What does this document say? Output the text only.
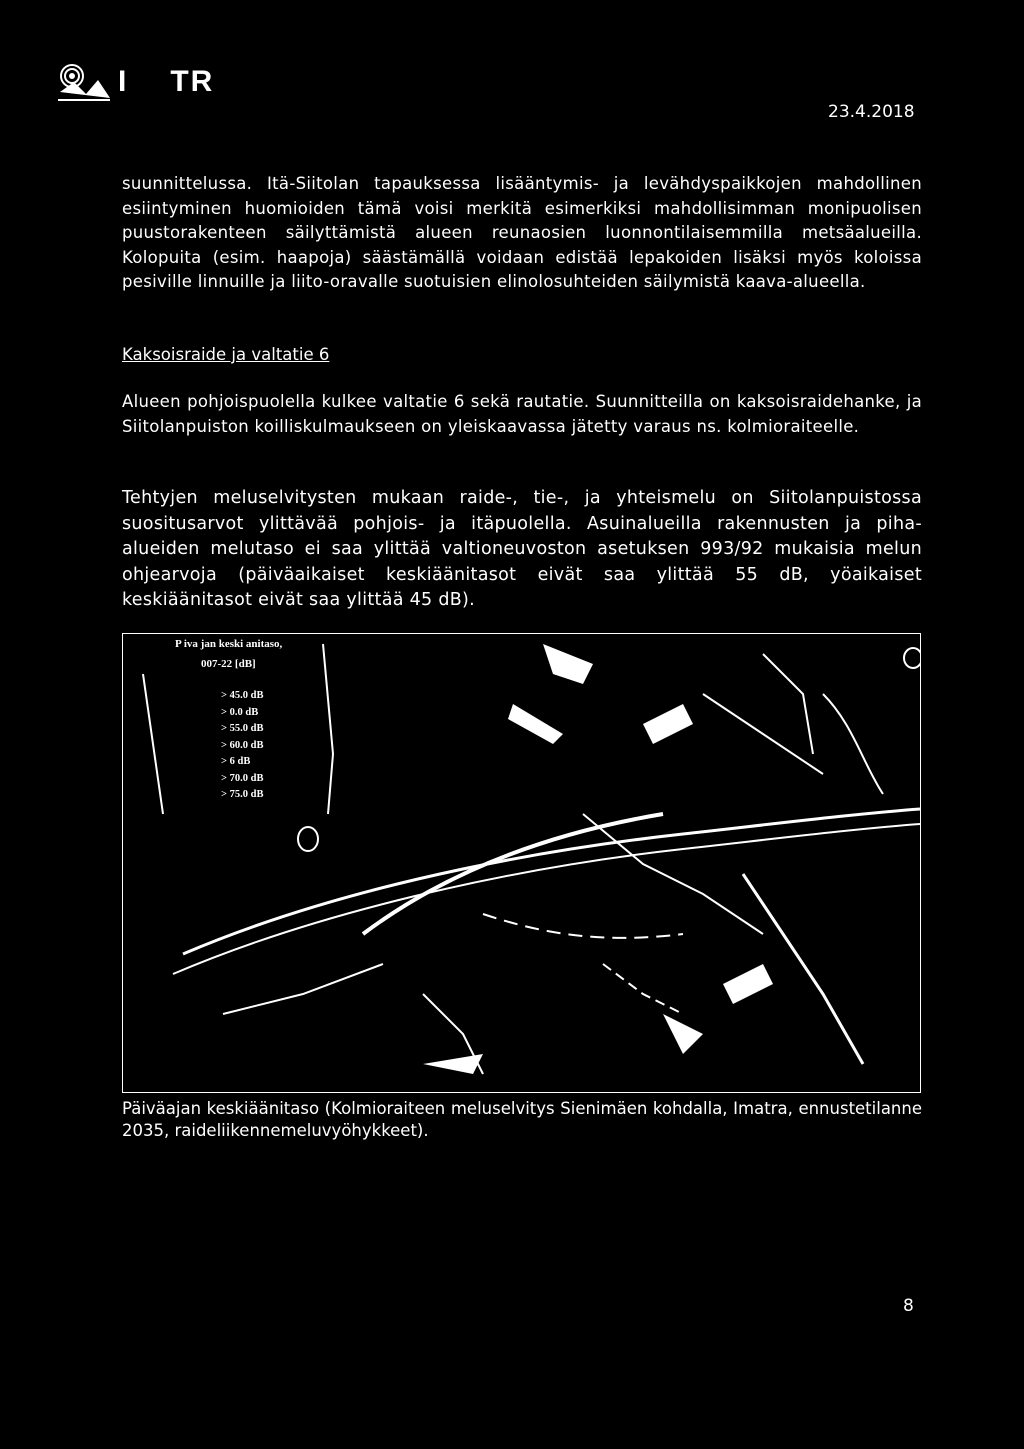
I TR
23.4.2018
suunnittelussa. Itä-Siitolan tapauksessa lisääntymis- ja levähdyspaikkojen mahdollinen esiintyminen huomioiden tämä voisi merkitä esimerkiksi mahdollisimman monipuolisen puustorakenteen säilyttämistä alueen reunaosien luonnontilaisemmilla metsäalueilla. Kolopuita (esim. haapoja) säästämällä voidaan edistää lepakoiden lisäksi myös koloissa pesiville linnuille ja liito-oravalle suotuisien elinolosuhteiden säilymistä kaava-alueella.
Kaksoisraide ja valtatie 6
Alueen pohjoispuolella kulkee valtatie 6 sekä rautatie. Suunnitteilla on kaksoisraidehanke, ja Siitolanpuiston koilliskulmaukseen on yleiskaavassa jätetty varaus ns. kolmioraiteelle.
Tehtyjen meluselvitysten mukaan raide-, tie-, ja yhteismelu on Siitolanpuistossa suositusarvot ylittävää pohjois- ja itäpuolella. Asuinalueilla rakennusten ja piha-alueiden melutaso ei saa ylittää valtioneuvoston asetuksen 993/92 mukaisia melun ohjearvoja (päiväaikaiset keskiäänitasot eivät saa ylittää 55 dB, yöaikaiset keskiäänitasot eivät saa ylittää 45 dB).
P iva jan keski anitaso,
007-22 [dB]
> 45.0 dB
> 0.0 dB
> 55.0 dB
> 60.0 dB
> 6 dB
> 70.0 dB
> 75.0 dB
Päiväajan keskiäänitaso (Kolmioraiteen meluselvitys Sienimäen kohdalla, Imatra, ennustetilanne 2035, raideliikennemeluvyöhykkeet).
8
